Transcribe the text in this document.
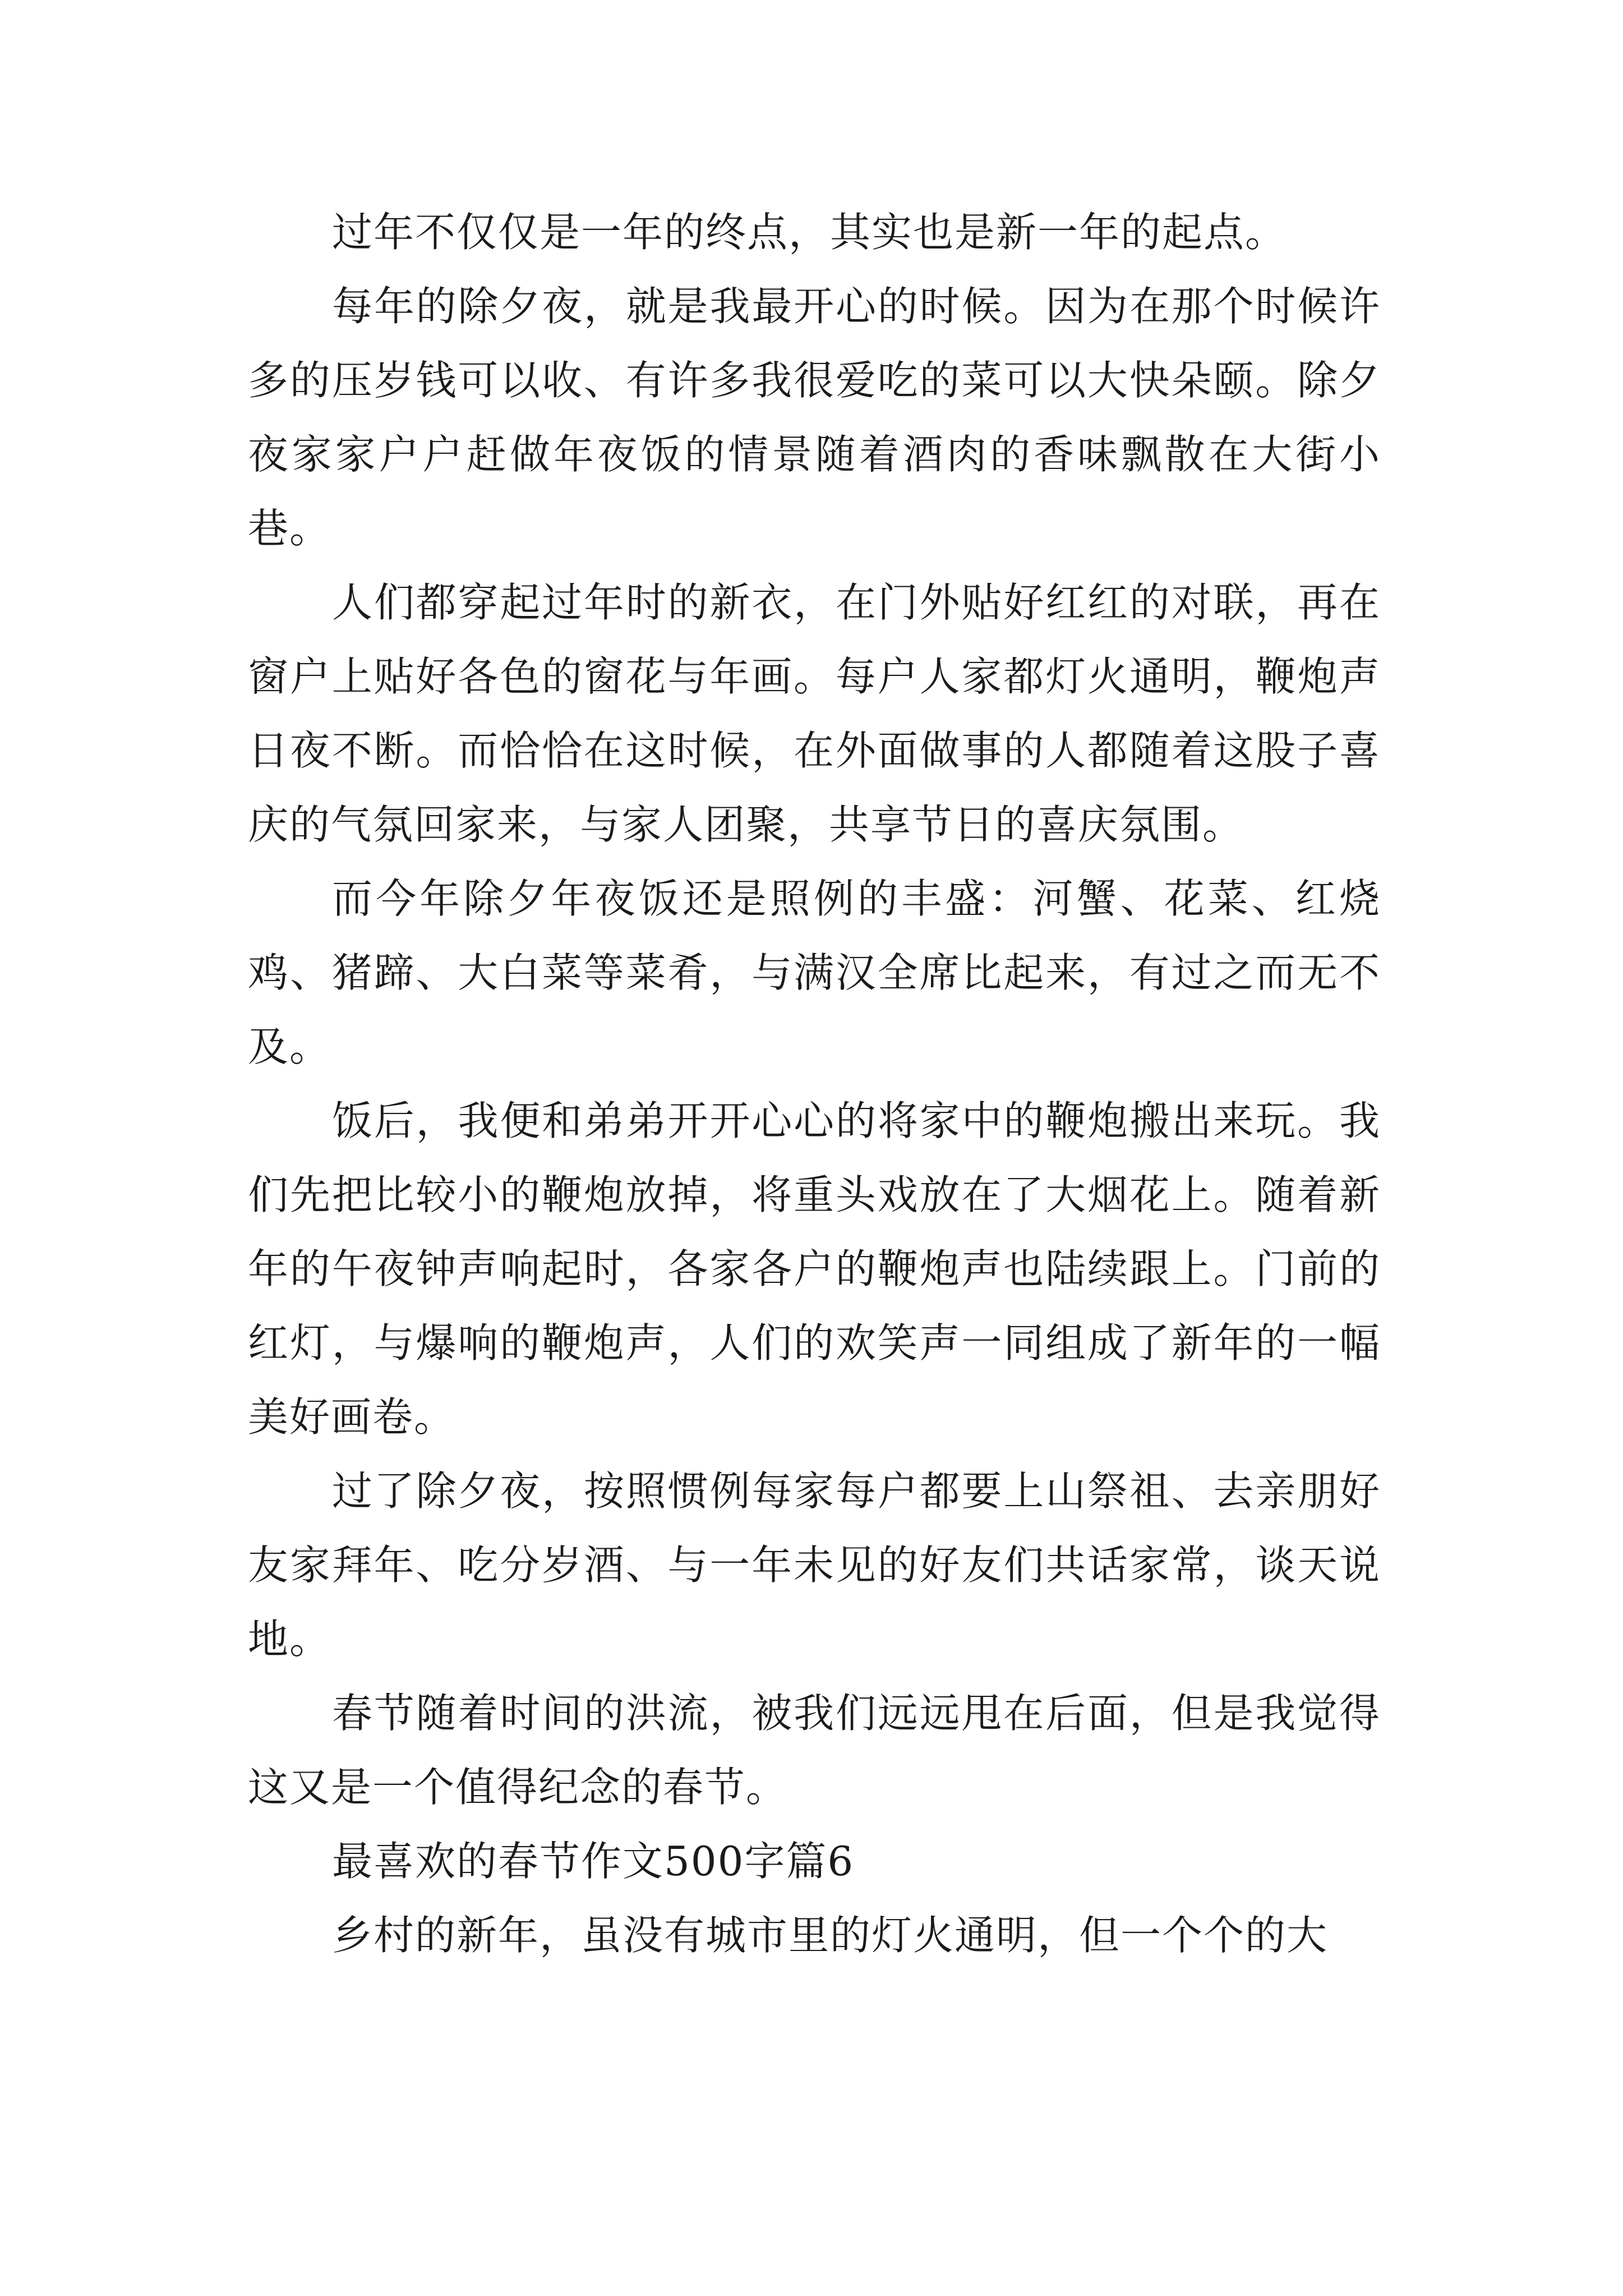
过年不仅仅是一年的终点，其实也是新一年的起点。

每年的除夕夜，就是我最开心的时候。因为在那个时候许多的压岁钱可以收、有许多我很爱吃的菜可以大快朵颐。除夕夜家家户户赶做年夜饭的情景随着酒肉的香味飘散在大街小巷。

人们都穿起过年时的新衣，在门外贴好红红的对联，再在窗户上贴好各色的窗花与年画。每户人家都灯火通明，鞭炮声日夜不断。而恰恰在这时候，在外面做事的人都随着这股子喜庆的气氛回家来，与家人团聚，共享节日的喜庆氛围。

而今年除夕年夜饭还是照例的丰盛：河蟹、花菜、红烧鸡、猪蹄、大白菜等菜肴，与满汉全席比起来，有过之而无不及。

饭后，我便和弟弟开开心心的将家中的鞭炮搬出来玩。我们先把比较小的鞭炮放掉，将重头戏放在了大烟花上。随着新年的午夜钟声响起时，各家各户的鞭炮声也陆续跟上。门前的红灯，与爆响的鞭炮声，人们的欢笑声一同组成了新年的一幅美好画卷。

过了除夕夜，按照惯例每家每户都要上山祭祖、去亲朋好友家拜年、吃分岁酒、与一年未见的好友们共话家常，谈天说地。

春节随着时间的洪流，被我们远远甩在后面，但是我觉得这又是一个值得纪念的春节。

最喜欢的春节作文500字篇6

乡村的新年，虽没有城市里的灯火通明，但一个个的大
